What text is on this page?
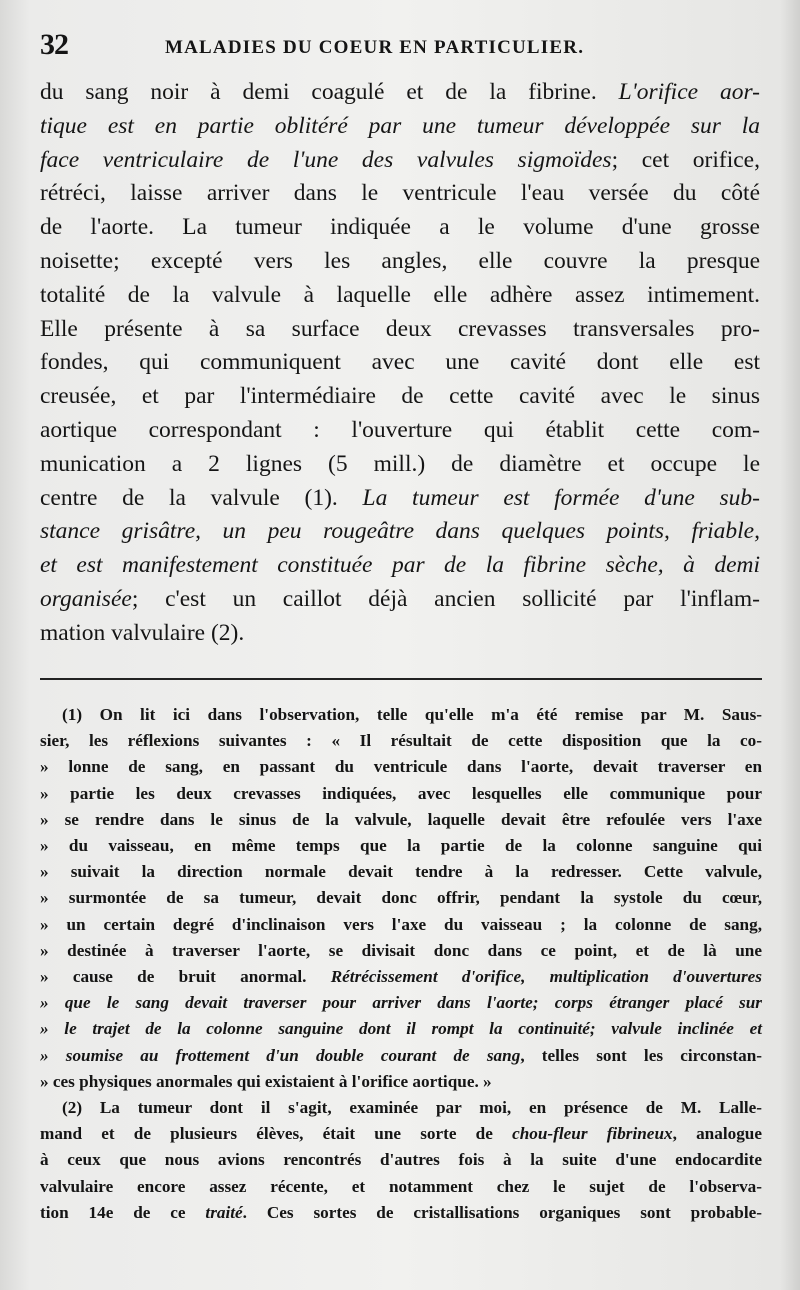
32	MALADIES DU COEUR EN PARTICULIER.
du sang noir à demi coagulé et de la fibrine. L'orifice aor-
tique est en partie oblitéré par une tumeur développée sur la
face ventriculaire de l'une des valvules sigmoïdes; cet orifice,
rétréci, laisse arriver dans le ventricule l'eau versée du côté
de l'aorte. La tumeur indiquée a le volume d'une grosse
noisette; excepté vers les angles, elle couvre la presque
totalité de la valvule à laquelle elle adhère assez intimement.
Elle présente à sa surface deux crevasses transversales pro-
fondes, qui communiquent avec une cavité dont elle est
creusée, et par l'intermédiaire de cette cavité avec le sinus
aortique correspondant : l'ouverture qui établit cette com-
munication a 2 lignes (5 mill.) de diamètre et occupe le
centre de la valvule (1). La tumeur est formée d'une sub-
stance grisâtre, un peu rougeâtre dans quelques points, friable,
et est manifestement constituée par de la fibrine sèche, à demi
organisée; c'est un caillot déjà ancien sollicité par l'inflam-
mation valvulaire (2).
(1) On lit ici dans l'observation, telle qu'elle m'a été remise par M. Saus-
sier, les réflexions suivantes : « Il résultait de cette disposition que la co-
» lonne de sang, en passant du ventricule dans l'aorte, devait traverser en
» partie les deux crevasses indiquées, avec lesquelles elle communique pour
» se rendre dans le sinus de la valvule, laquelle devait être refoulée vers l'axe
» du vaisseau, en même temps que la partie de la colonne sanguine qui
» suivait la direction normale devait tendre à la redresser. Cette valvule,
» surmontée de sa tumeur, devait donc offrir, pendant la systole du cœur,
» un certain degré d'inclinaison vers l'axe du vaisseau ; la colonne de sang,
» destinée à traverser l'aorte, se divisait donc dans ce point, et de là une
» cause de bruit anormal. Rétrécissement d'orifice, multiplication d'ouvertures
» que le sang devait traverser pour arriver dans l'aorte; corps étranger placé sur
» le trajet de la colonne sanguine dont il rompt la continuité; valvule inclinée et
» soumise au frottement d'un double courant de sang, telles sont les circonstan-
» ces physiques anormales qui existaient à l'orifice aortique. »
(2) La tumeur dont il s'agit, examinée par moi, en présence de M. Lalle-
mand et de plusieurs élèves, était une sorte de chou-fleur fibrineux, analogue
à ceux que nous avions rencontrés d'autres fois à la suite d'une endocardite
valvulaire encore assez récente, et notamment chez le sujet de l'observa-
tion 14e de ce traité. Ces sortes de cristallisations organiques sont probable-
